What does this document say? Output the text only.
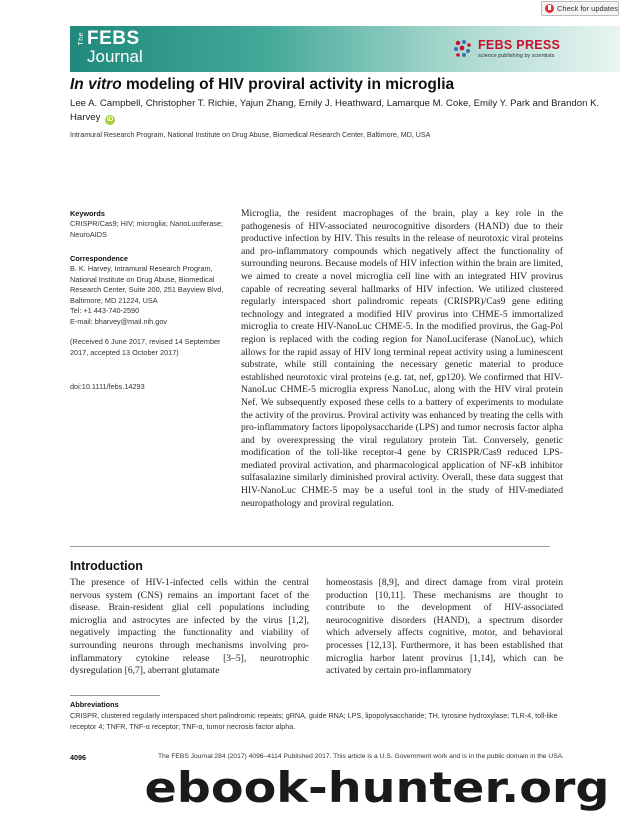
Check for updates
The FEBS
Journal
FEBS PRESS
science publishing by scientists
In vitro modeling of HIV proviral activity in microglia
Lee A. Campbell, Christopher T. Richie, Yajun Zhang, Emily J. Heathward, Lamarque M. Coke, Emily Y. Park and Brandon K. Harvey iD
Intramural Research Program, National Institute on Drug Abuse, Biomedical Research Center, Baltimore, MD, USA
Keywords
CRISPR/Cas9; HIV; microglia; NanoLuciferase; NeuroAIDS
Correspondence
B. K. Harvey, Intramural Research Program, National Institute on Drug Abuse, Biomedical Research Center, Suite 200, 251 Bayview Blvd, Baltimore, MD 21224, USA
Tel: +1 443-740-2590
E-mail: bharvey@mail.nih.gov
(Received 6 June 2017, revised 14 September 2017, accepted 13 October 2017)
doi:10.1111/febs.14293
Microglia, the resident macrophages of the brain, play a key role in the pathogenesis of HIV-associated neurocognitive disorders (HAND) due to their productive infection by HIV. This results in the release of neurotoxic viral proteins and pro-inflammatory compounds which negatively affect the functionality of surrounding neurons. Because models of HIV infection within the brain are limited, we aimed to create a novel microglia cell line with an integrated HIV provirus capable of recreating several hallmarks of HIV infection. We utilized clustered regularly interspaced short palindromic repeats (CRISPR)/Cas9 gene editing technology and integrated a modified HIV provirus into CHME-5 immortalized microglia to create HIV-NanoLuc CHME-5. In the modified provirus, the Gag-Pol region is replaced with the coding region for NanoLuciferase (NanoLuc), which allows for the rapid assay of HIV long terminal repeat activity using a luminescent substrate, while still containing the necessary genetic material to produce established neurotoxic viral proteins (e.g. tat, nef, gp120). We confirmed that HIV-NanoLuc CHME-5 microglia express NanoLuc, along with the HIV viral protein Nef. We subsequently exposed these cells to a battery of experiments to modulate the activity of the provirus. Proviral activity was enhanced by treating the cells with pro-inflammatory factors lipopolysaccharide (LPS) and tumor necrosis factor alpha and by overexpressing the viral regulatory protein Tat. Conversely, genetic modification of the toll-like receptor-4 gene by CRISPR/Cas9 reduced LPS-mediated proviral activation, and pharmacological application of NF-κB inhibitor sulfasalazine similarly diminished proviral activity. Overall, these data suggest that HIV-NanoLuc CHME-5 may be a useful tool in the study of HIV-mediated neuropathology and proviral regulation.
Introduction
The presence of HIV-1-infected cells within the central nervous system (CNS) remains an important facet of the disease. Brain-resident glial cell populations including microglia and astrocytes are infected by the virus [1,2], negatively impacting the functionality and viability of surrounding neurons through mechanisms involving pro-inflammatory cytokine release [3–5], neurotrophic dysregulation [6,7], aberrant glutamate
homeostasis [8,9], and direct damage from viral protein production [10,11]. These mechanisms are thought to contribute to the development of HIV-associated neurocognitive disorders (HAND), a spectrum disorder which adversely affects cognitive, motor, and behavioral processes [12,13]. Furthermore, it has been established that microglia harbor latent provirus [1,14], which can be activated by certain pro-inflammatory
Abbreviations
CRISPR, clustered regularly interspaced short palindromic repeats; gRNA, guide RNA; LPS, lipopolysaccharide; TH, tyrosine hydroxylase; TLR-4, toll-like receptor 4; TNFR, TNF-α receptor; TNF-α, tumor necrosis factor alpha.
4096	The FEBS Journal 284 (2017) 4096–4114 Published 2017. This article is a U.S. Government work and is in the public domain in the USA.
ebook-hunter.org
